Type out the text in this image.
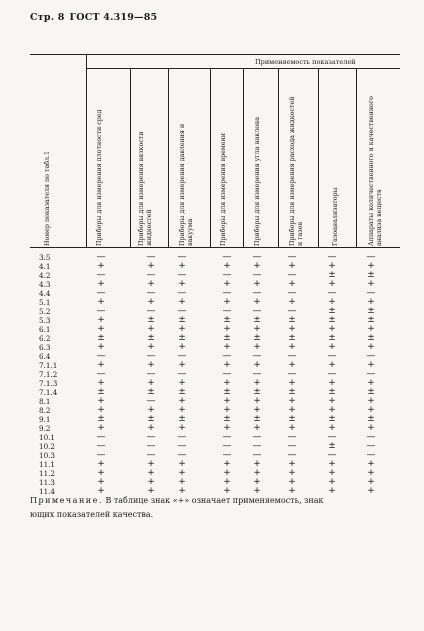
Стр. 8 ГОСТ 4.319—85
Применяемость показателей
Номер показателя по табл.1	Приборы для измерения плотности сред	Приборы для измерения вязкости жидкостей	Приборы для измерения давления и вакуума	Приборы для измерения времени	Приборы для измерения угла наклона	Приборы для измерения расхода жидкостей и газов	Газоанализаторы	Аппараты количественного и качественного анализа веществ
3.5	—	—	—	—	—	—	—	—
4.1	+	+	+	+	+	+	+	+
4.2	—	—	—	—	—	—	±	±
4.3	+	+	+	+	+	+	+	+
4.4	—	—	—	—	—	—	—	—
5.1	+	+	+	+	+	+	+	+
5.2	—	—	—	—	—	—	±	±
5.3	+	±	±	±	±	±	±	±
6.1	+	+	+	+	+	+	+	+
6.2	±	±	±	±	±	±	±	±
6.3	+	+	+	+	+	+	+	+
6.4	—	—	—	—	—	—	—	—
7.1.1	+	+	+	+	+	+	+	+
7.1.2	—	—	—	—	—	—	—	—
7.1.3	+	+	+	+	+	+	+	+
7.1.4	±	±	±	±	±	±	±	±
8.1	+	—	+	+	+	+	+	+
8.2	+	+	+	+	+	+	+	+
9.1	±	±	±	±	±	±	±	±
9.2	+	+	+	+	+	+	+	+
10.1	—	—	—	—	—	—	—	—
10.2	—	—	—	—	—	—	±	—
10.3	—	—	—	—	—	—	—	—
11.1	+	+	+	+	+	+	+	+
11.2	+	+	+	+	+	+	+	+
11.3	+	+	+	+	+	+	+	+
11.4	+	+	+	+	+	+	+	+
Примечание. В таблице знак «+» означает применяемость, знак
ющих показателей качества.
